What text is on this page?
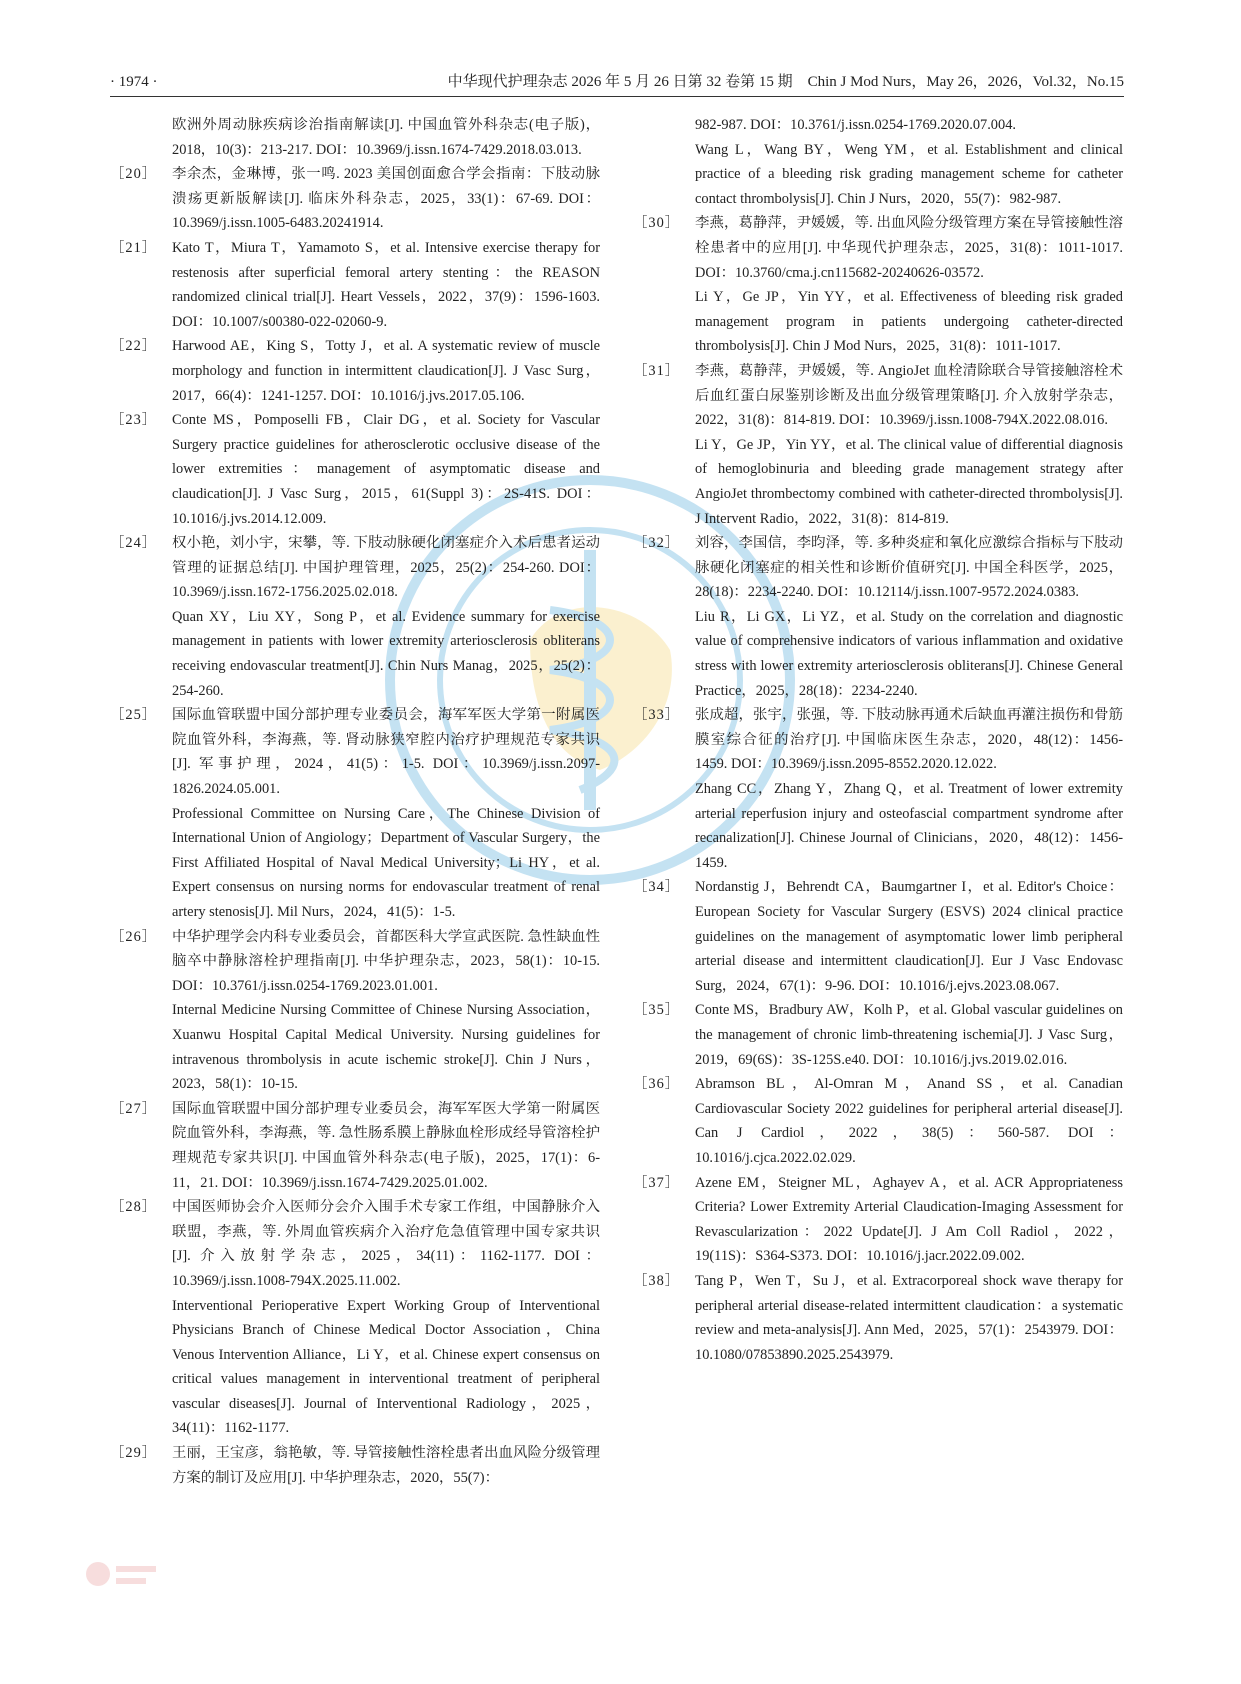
· 1974 ·	中华现代护理杂志 2026 年 5 月 26 日第 32 卷第 15 期　Chin J Mod Nurs，May 26，2026，Vol.32，No.15

欧洲外周动脉疾病诊治指南解读[J]. 中国血管外科杂志(电子版)，2018，10(3)：213-217. DOI：10.3969/j.issn.1674-7429.2018.03.013.

［20］	李余杰，金琳博，张一鸣. 2023 美国创面愈合学会指南：下肢动脉溃疡更新版解读[J]. 临床外科杂志，2025，33(1)：67-69. DOI：10.3969/j.issn.1005-6483.20241914.

［21］	Kato T，Miura T，Yamamoto S，et al. Intensive exercise therapy for restenosis after superficial femoral artery stenting：the REASON randomized clinical trial[J]. Heart Vessels，2022，37(9)：1596-1603. DOI：10.1007/s00380-022-02060-9.

［22］	Harwood AE，King S，Totty J，et al. A systematic review of muscle morphology and function in intermittent claudication[J]. J Vasc Surg，2017，66(4)：1241-1257. DOI：10.1016/j.jvs.2017.05.106.

［23］	Conte MS，Pomposelli FB，Clair DG，et al. Society for Vascular Surgery practice guidelines for atherosclerotic occlusive disease of the lower extremities：management of asymptomatic disease and claudication[J]. J Vasc Surg，2015，61(Suppl 3)：2S-41S. DOI：10.1016/j.jvs.2014.12.009.

［24］	权小艳，刘小宇，宋攀，等. 下肢动脉硬化闭塞症介入术后患者运动管理的证据总结[J]. 中国护理管理，2025，25(2)：254-260. DOI：10.3969/j.issn.1672-1756.2025.02.018.

Quan XY，Liu XY，Song P，et al. Evidence summary for exercise management in patients with lower extremity arteriosclerosis obliterans receiving endovascular treatment[J]. Chin Nurs Manag，2025，25(2)：254-260.

［25］	国际血管联盟中国分部护理专业委员会，海军军医大学第一附属医院血管外科，李海燕，等. 肾动脉狭窄腔内治疗护理规范专家共识[J]. 军事护理，2024，41(5)：1-5. DOI：10.3969/j.issn.2097-1826.2024.05.001.

Professional Committee on Nursing Care，The Chinese Division of International Union of Angiology；Department of Vascular Surgery，the First Affiliated Hospital of Naval Medical University；Li HY，et al. Expert consensus on nursing norms for endovascular treatment of renal artery stenosis[J]. Mil Nurs，2024，41(5)：1-5.

［26］	中华护理学会内科专业委员会，首都医科大学宣武医院. 急性缺血性脑卒中静脉溶栓护理指南[J]. 中华护理杂志，2023，58(1)：10-15. DOI：10.3761/j.issn.0254-1769.2023.01.001.

Internal Medicine Nursing Committee of Chinese Nursing Association，Xuanwu Hospital Capital Medical University. Nursing guidelines for intravenous thrombolysis in acute ischemic stroke[J]. Chin J Nurs，2023，58(1)：10-15.

［27］	国际血管联盟中国分部护理专业委员会，海军军医大学第一附属医院血管外科，李海燕，等. 急性肠系膜上静脉血栓形成经导管溶栓护理规范专家共识[J]. 中国血管外科杂志(电子版)，2025，17(1)：6-11，21. DOI：10.3969/j.issn.1674-7429.2025.01.002.

［28］	中国医师协会介入医师分会介入围手术专家工作组，中国静脉介入联盟，李燕，等. 外周血管疾病介入治疗危急值管理中国专家共识[J]. 介入放射学杂志，2025，34(11)：1162-1177. DOI：10.3969/j.issn.1008-794X.2025.11.002.

Interventional Perioperative Expert Working Group of Interventional Physicians Branch of Chinese Medical Doctor Association，China Venous Intervention Alliance，Li Y，et al. Chinese expert consensus on critical values management in interventional treatment of peripheral vascular diseases[J]. Journal of Interventional Radiology，2025，34(11)：1162-1177.

［29］	王丽，王宝彦，翁艳敏，等. 导管接触性溶栓患者出血风险分级管理方案的制订及应用[J]. 中华护理杂志，2020，55(7)：

982-987. DOI：10.3761/j.issn.0254-1769.2020.07.004.

Wang L，Wang BY，Weng YM，et al. Establishment and clinical practice of a bleeding risk grading management scheme for catheter contact thrombolysis[J]. Chin J Nurs，2020，55(7)：982-987.

［30］	李燕，葛静萍，尹媛媛，等. 出血风险分级管理方案在导管接触性溶栓患者中的应用[J]. 中华现代护理杂志，2025，31(8)：1011-1017. DOI：10.3760/cma.j.cn115682-20240626-03572.

Li Y，Ge JP，Yin YY，et al. Effectiveness of bleeding risk graded management program in patients undergoing catheter-directed thrombolysis[J]. Chin J Mod Nurs，2025，31(8)：1011-1017.

［31］	李燕，葛静萍，尹媛媛，等. AngioJet 血栓清除联合导管接触溶栓术后血红蛋白尿鉴别诊断及出血分级管理策略[J]. 介入放射学杂志，2022，31(8)：814-819. DOI：10.3969/j.issn.1008-794X.2022.08.016.

Li Y，Ge JP，Yin YY，et al. The clinical value of differential diagnosis of hemoglobinuria and bleeding grade management strategy after AngioJet thrombectomy combined with catheter-directed thrombolysis[J]. J Intervent Radio，2022，31(8)：814-819.

［32］	刘容，李国信，李昀泽，等. 多种炎症和氧化应激综合指标与下肢动脉硬化闭塞症的相关性和诊断价值研究[J]. 中国全科医学，2025，28(18)：2234-2240. DOI：10.12114/j.issn.1007-9572.2024.0383.

Liu R，Li GX，Li YZ，et al. Study on the correlation and diagnostic value of comprehensive indicators of various inflammation and oxidative stress with lower extremity arteriosclerosis obliterans[J]. Chinese General Practice，2025，28(18)：2234-2240.

［33］	张成超，张宇，张强，等. 下肢动脉再通术后缺血再灌注损伤和骨筋膜室综合征的治疗[J]. 中国临床医生杂志，2020，48(12)：1456-1459. DOI：10.3969/j.issn.2095-8552.2020.12.022.

Zhang CC，Zhang Y，Zhang Q，et al. Treatment of lower extremity arterial reperfusion injury and osteofascial compartment syndrome after recanalization[J]. Chinese Journal of Clinicians，2020，48(12)：1456-1459.

［34］	Nordanstig J，Behrendt CA，Baumgartner I，et al. Editor's Choice：European Society for Vascular Surgery (ESVS) 2024 clinical practice guidelines on the management of asymptomatic lower limb peripheral arterial disease and intermittent claudication[J]. Eur J Vasc Endovasc Surg，2024，67(1)：9-96. DOI：10.1016/j.ejvs.2023.08.067.

［35］	Conte MS，Bradbury AW，Kolh P，et al. Global vascular guidelines on the management of chronic limb-threatening ischemia[J]. J Vasc Surg，2019，69(6S)：3S-125S.e40. DOI：10.1016/j.jvs.2019.02.016.

［36］	Abramson BL，Al-Omran M，Anand SS，et al. Canadian Cardiovascular Society 2022 guidelines for peripheral arterial disease[J]. Can J Cardiol，2022，38(5)：560-587. DOI：10.1016/j.cjca.2022.02.029.

［37］	Azene EM，Steigner ML，Aghayev A，et al. ACR Appropriateness Criteria? Lower Extremity Arterial Claudication-Imaging Assessment for Revascularization：2022 Update[J]. J Am Coll Radiol，2022，19(11S)：S364-S373. DOI：10.1016/j.jacr.2022.09.002.

［38］	Tang P，Wen T，Su J，et al. Extracorporeal shock wave therapy for peripheral arterial disease-related intermittent claudication：a systematic review and meta-analysis[J]. Ann Med，2025，57(1)：2543979. DOI：10.1080/07853890.2025.2543979.
